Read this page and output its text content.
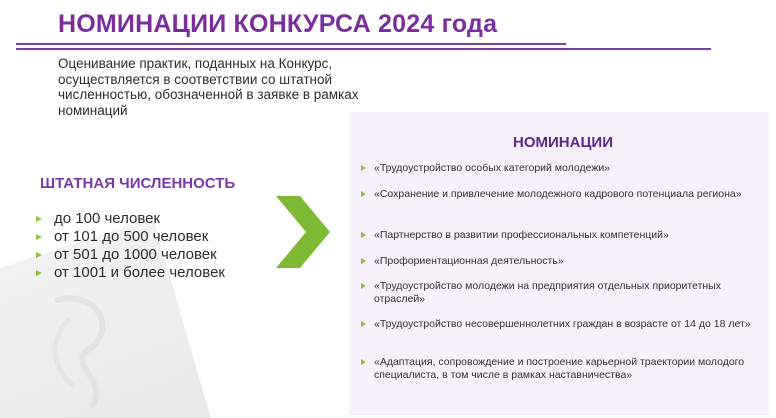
НОМИНАЦИИ КОНКУРСА 2024 года

Оценивание практик, поданных на Конкурс, осуществляется в соответствии со штатной численностью, обозначенной в заявке в рамках номинаций

ШТАТНАЯ ЧИСЛЕННОСТЬ
до 100 человек
от 101 до 500 человек
от 501 до 1000 человек
от 1001 и более человек
НОМИНАЦИИ
«Трудоустройство особых категорий молодежи»
«Сохранение и привлечение молодежного кадрового потенциала региона»
«Партнерство в развитии профессиональных компетенций»
«Профориентационная деятельность»
«Трудоустройство молодежи на предприятия отдельных приоритетных отраслей»
«Трудоустройство несовершеннолетних граждан в возрасте от 14 до 18 лет»
«Адаптация, сопровождение и построение карьерной траектории молодого специалиста, в том числе в рамках наставничества»
